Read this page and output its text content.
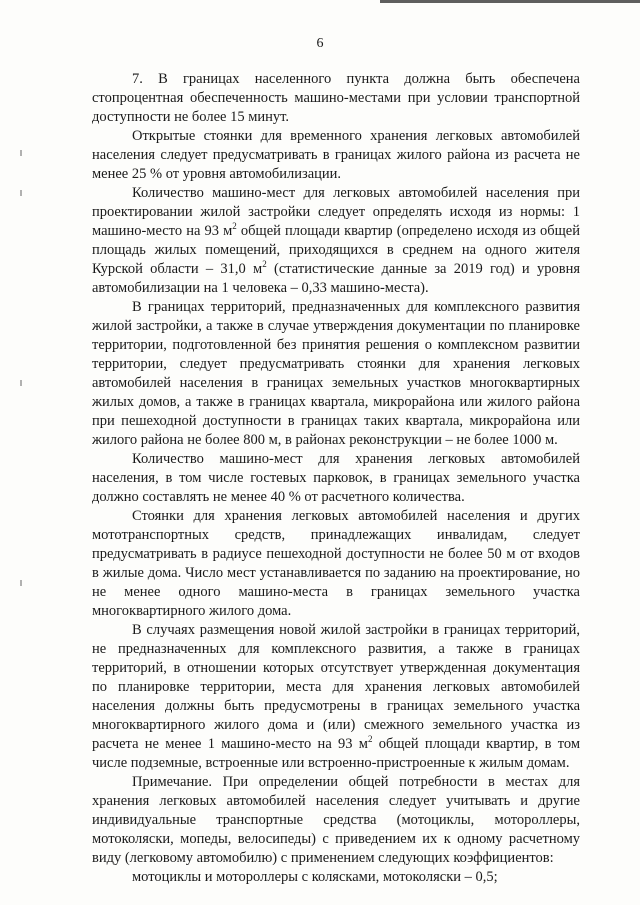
6

7. В границах населенного пункта должна быть обеспечена стопроцентная обеспеченность машино-местами при условии транспортной доступности не более 15 минут.

Открытые стоянки для временного хранения легковых автомобилей населения следует предусматривать в границах жилого района из расчета не менее 25 % от уровня автомобилизации.

Количество машино-мест для легковых автомобилей населения при проектировании жилой застройки следует определять исходя из нормы: 1 машино-место на 93 $м^2$ общей площади квартир (определено исходя из общей площадь жилых помещений, приходящихся в среднем на одного жителя Курской области – 31,0 $м^2$ (статистические данные за 2019 год) и уровня автомобилизации на 1 человека – 0,33 машино-места).

В границах территорий, предназначенных для комплексного развития жилой застройки, а также в случае утверждения документации по планировке территории, подготовленной без принятия решения о комплексном развитии территории, следует предусматривать стоянки для хранения легковых автомобилей населения в границах земельных участков многоквартирных жилых домов, а также в границах квартала, микрорайона или жилого района при пешеходной доступности в границах таких квартала, микрорайона или жилого района не более 800 м, в районах реконструкции – не более 1000 м.

Количество машино-мест для хранения легковых автомобилей населения, в том числе гостевых парковок, в границах земельного участка должно составлять не менее 40 % от расчетного количества.

Стоянки для хранения легковых автомобилей населения и других мототранспортных средств, принадлежащих инвалидам, следует предусматривать в радиусе пешеходной доступности не более 50 м от входов в жилые дома. Число мест устанавливается по заданию на проектирование, но не менее одного машино-места в границах земельного участка многоквартирного жилого дома.

В случаях размещения новой жилой застройки в границах территорий, не предназначенных для комплексного развития, а также в границах территорий, в отношении которых отсутствует утвержденная документация по планировке территории, места для хранения легковых автомобилей населения должны быть предусмотрены в границах земельного участка многоквартирного жилого дома и (или) смежного земельного участка из расчета не менее 1 машино-место на 93 $м^2$ общей площади квартир, в том числе подземные, встроенные или встроенно-пристроенные к жилым домам.

Примечание. При определении общей потребности в местах для хранения легковых автомобилей населения следует учитывать и другие индивидуальные транспортные средства (мотоциклы, мотороллеры, мотоколяски, мопеды, велосипеды) с приведением их к одному расчетному виду (легковому автомобилю) с применением следующих коэффициентов:

мотоциклы и мотороллеры с колясками, мотоколяски – 0,5;
